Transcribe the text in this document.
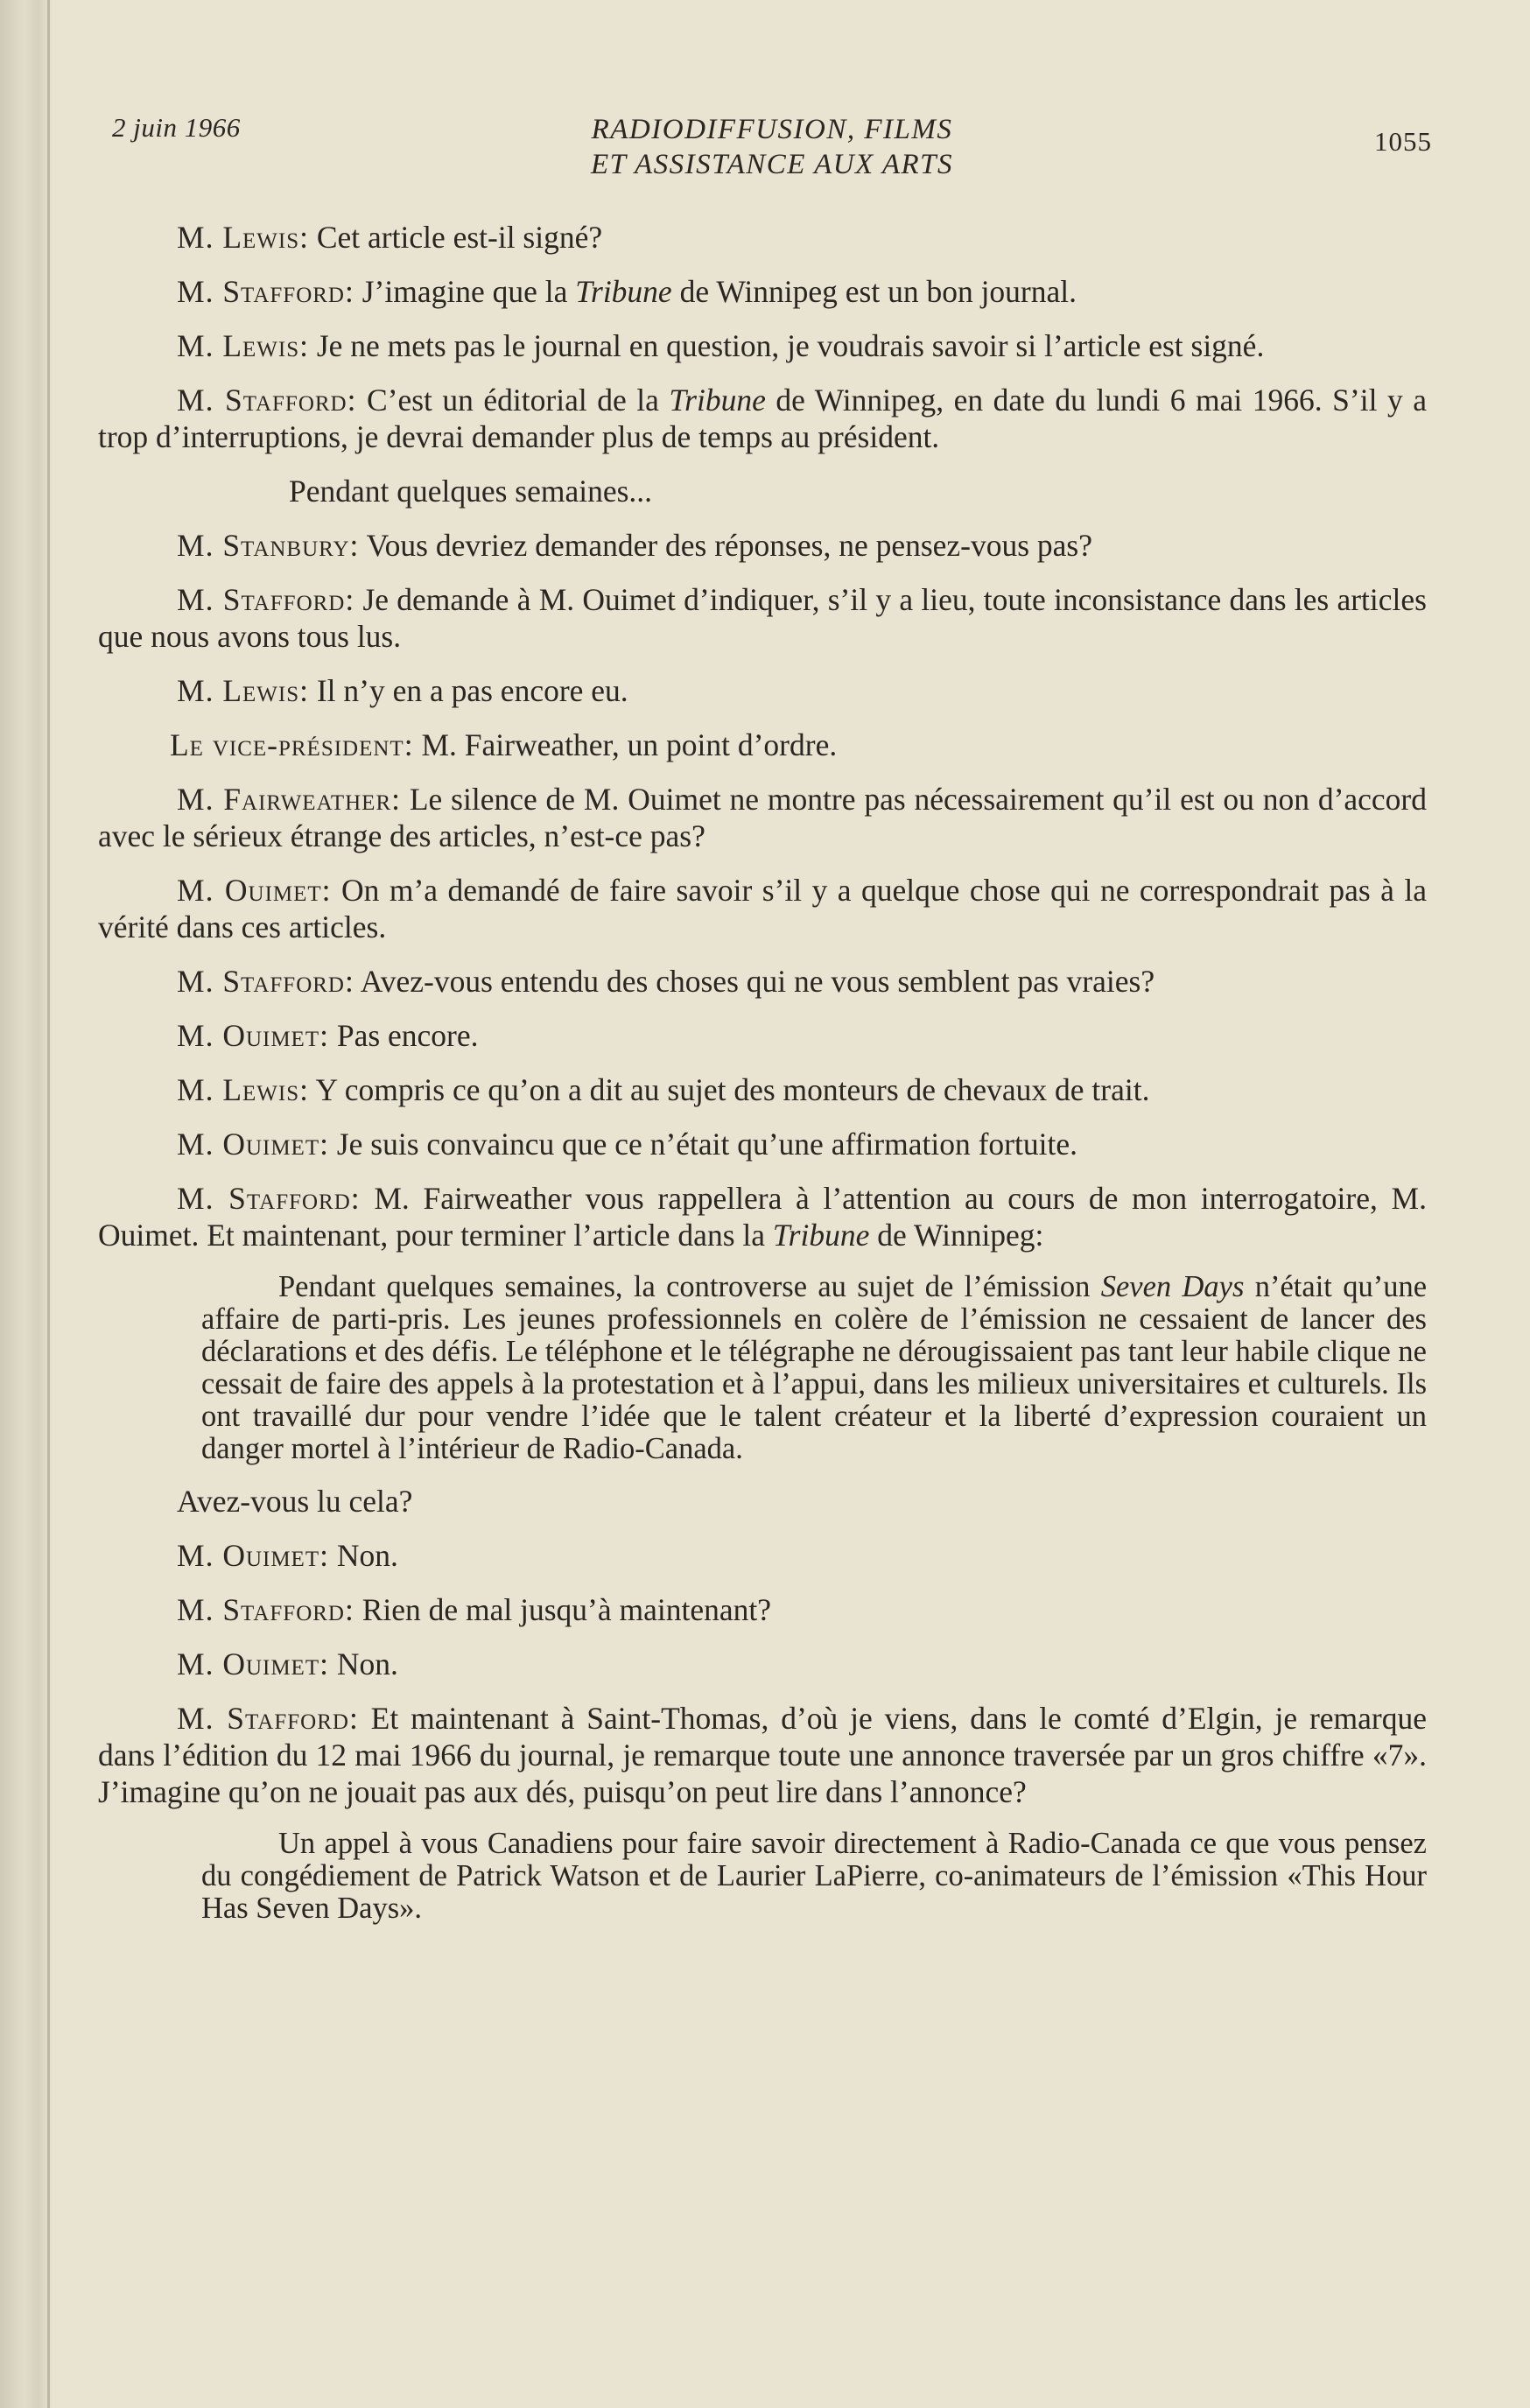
2 juin 1966	RADIODIFFUSION, FILMS
ET ASSISTANCE AUX ARTS
1055

M. Lewis: Cet article est-il signé?

M. Stafford: J’imagine que la Tribune de Winnipeg est un bon journal.

M. Lewis: Je ne mets pas le journal en question, je voudrais savoir si l’article est signé.

M. Stafford: C’est un éditorial de la Tribune de Winnipeg, en date du lundi 6 mai 1966. S’il y a trop d’interruptions, je devrai demander plus de temps au président.

Pendant quelques semaines...

M. Stanbury: Vous devriez demander des réponses, ne pensez-vous pas?

M. Stafford: Je demande à M. Ouimet d’indiquer, s’il y a lieu, toute inconsistance dans les articles que nous avons tous lus.

M. Lewis: Il n’y en a pas encore eu.

Le vice-président: M. Fairweather, un point d’ordre.

M. Fairweather: Le silence de M. Ouimet ne montre pas nécessairement qu’il est ou non d’accord avec le sérieux étrange des articles, n’est-ce pas?

M. Ouimet: On m’a demandé de faire savoir s’il y a quelque chose qui ne correspondrait pas à la vérité dans ces articles.

M. Stafford: Avez-vous entendu des choses qui ne vous semblent pas vraies?

M. Ouimet: Pas encore.

M. Lewis: Y compris ce qu’on a dit au sujet des monteurs de chevaux de trait.

M. Ouimet: Je suis convaincu que ce n’était qu’une affirmation fortuite.

M. Stafford: M. Fairweather vous rappellera à l’attention au cours de mon interrogatoire, M. Ouimet. Et maintenant, pour terminer l’article dans la Tribune de Winnipeg:

Pendant quelques semaines, la controverse au sujet de l’émission Seven Days n’était qu’une affaire de parti-pris. Les jeunes professionnels en colère de l’émission ne cessaient de lancer des déclarations et des défis. Le téléphone et le télégraphe ne dérougissaient pas tant leur habile clique ne cessait de faire des appels à la protestation et à l’appui, dans les milieux universitaires et culturels. Ils ont travaillé dur pour vendre l’idée que le talent créateur et la liberté d’expression couraient un danger mortel à l’intérieur de Radio-Canada.

Avez-vous lu cela?

M. Ouimet: Non.

M. Stafford: Rien de mal jusqu’à maintenant?

M. Ouimet: Non.

M. Stafford: Et maintenant à Saint-Thomas, d’où je viens, dans le comté d’Elgin, je remarque dans l’édition du 12 mai 1966 du journal, je remarque toute une annonce traversée par un gros chiffre «7». J’imagine qu’on ne jouait pas aux dés, puisqu’on peut lire dans l’annonce?

Un appel à vous Canadiens pour faire savoir directement à Radio-Canada ce que vous pensez du congédiement de Patrick Watson et de Laurier LaPierre, co-animateurs de l’émission «This Hour Has Seven Days».
